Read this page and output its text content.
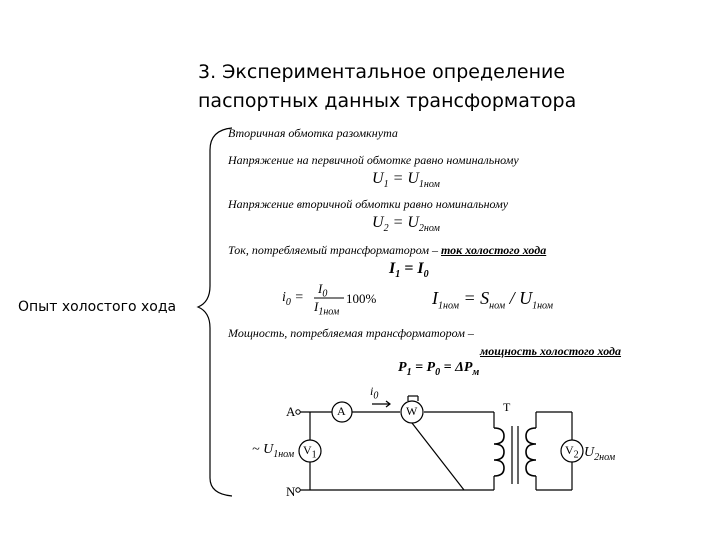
3. Экспериментальное определение
паспортных данных трансформатора
Опыт холостого хода
Вторичная обмотка разомкнута
Напряжение на первичной обмотке равно номинальному
$U_1 = U_{1ном}$
Напряжение вторичной обмотки равно номинальному
$U_2 = U_{2ном}$
Ток, потребляемый трансформатором – ток холостого хода
$I_1 = I_0$
$i_0$ =
$I_0$
$I_{1ном}$
100%	$I_{1ном} = S_{ном} / U_{1ном}$
Мощность, потребляемая трансформатором –
мощность холостого хода
$P_1 = P_0 = \Delta P_м$
A
N
A	W
$V_1$	$V_2$
$i_0$
~ $U_{1ном}$	$U_{2ном}$
T
